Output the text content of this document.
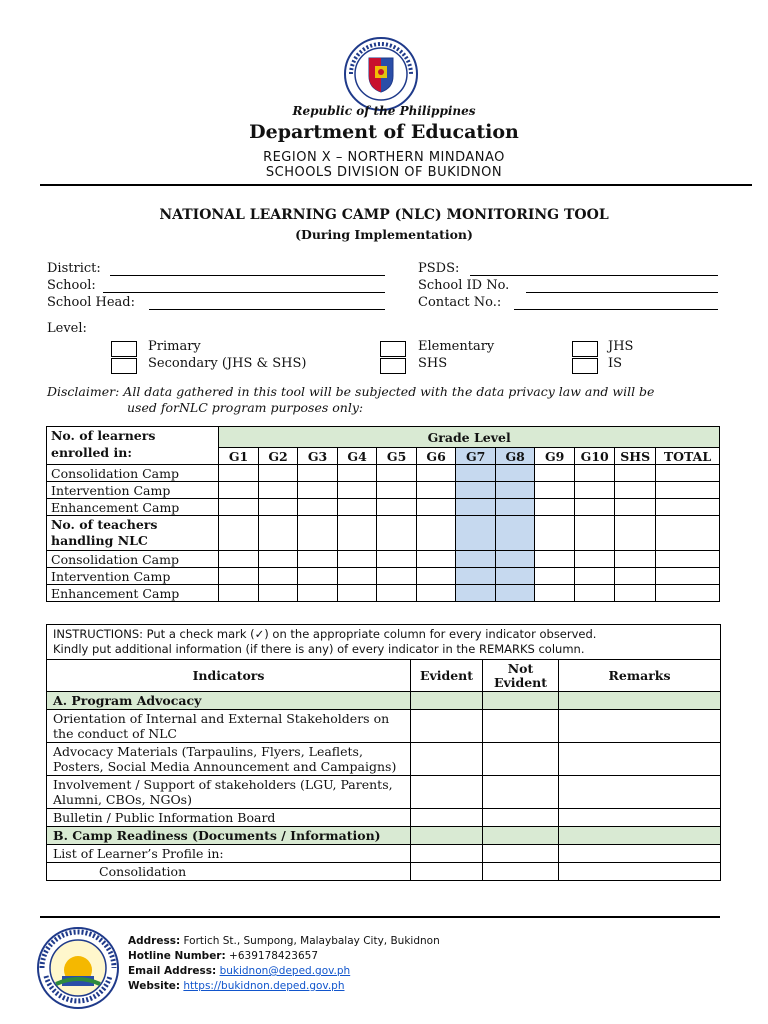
Republic of the Philippines
Department of Education
REGION X – NORTHERN MINDANAO
SCHOOLS DIVISION OF BUKIDNON
NATIONAL LEARNING CAMP (NLC) MONITORING TOOL
(During Implementation)
District:
School:
School Head:
PSDS:
School ID No.
Contact No.:
Level:
Primary
Secondary (JHS & SHS)
Elementary
SHS
JHS
IS
Disclaimer: All data gathered in this tool will be subjected with the data privacy law and will be
used forNLC program purposes only:
No. of learners enrolled in:	Grade Level											
	G1	G2	G3	G4	G5	G6	G7	G8	G9	G10	SHS	TOTAL
Consolidation Camp												
Intervention Camp												
Enhancement Camp												
No. of teachers handling NLC												
Consolidation Camp												
Intervention Camp												
Enhancement Camp												
INSTRUCTIONS: Put a check mark (✓) on the appropriate column for every indicator observed.
Kindly put additional information (if there is any) of every indicator in the REMARKS column.			

Indicators	Evident	Not Evident	Remarks
A. Program Advocacy			
Orientation of Internal and External Stakeholders on the conduct of NLC			
Advocacy Materials (Tarpaulins, Flyers, Leaflets, Posters, Social Media Announcement and Campaigns)			
Involvement / Support of stakeholders (LGU, Parents, Alumni, CBOs, NGOs)			
Bulletin / Public Information Board			
B. Camp Readiness (Documents / Information)			
List of Learner’s Profile in:			
Consolidation			
Address: Fortich St., Sumpong, Malaybalay City, Bukidnon
Hotline Number: +639178423657
Email Address: bukidnon@deped.gov.ph
Website: https://bukidnon.deped.gov.ph
